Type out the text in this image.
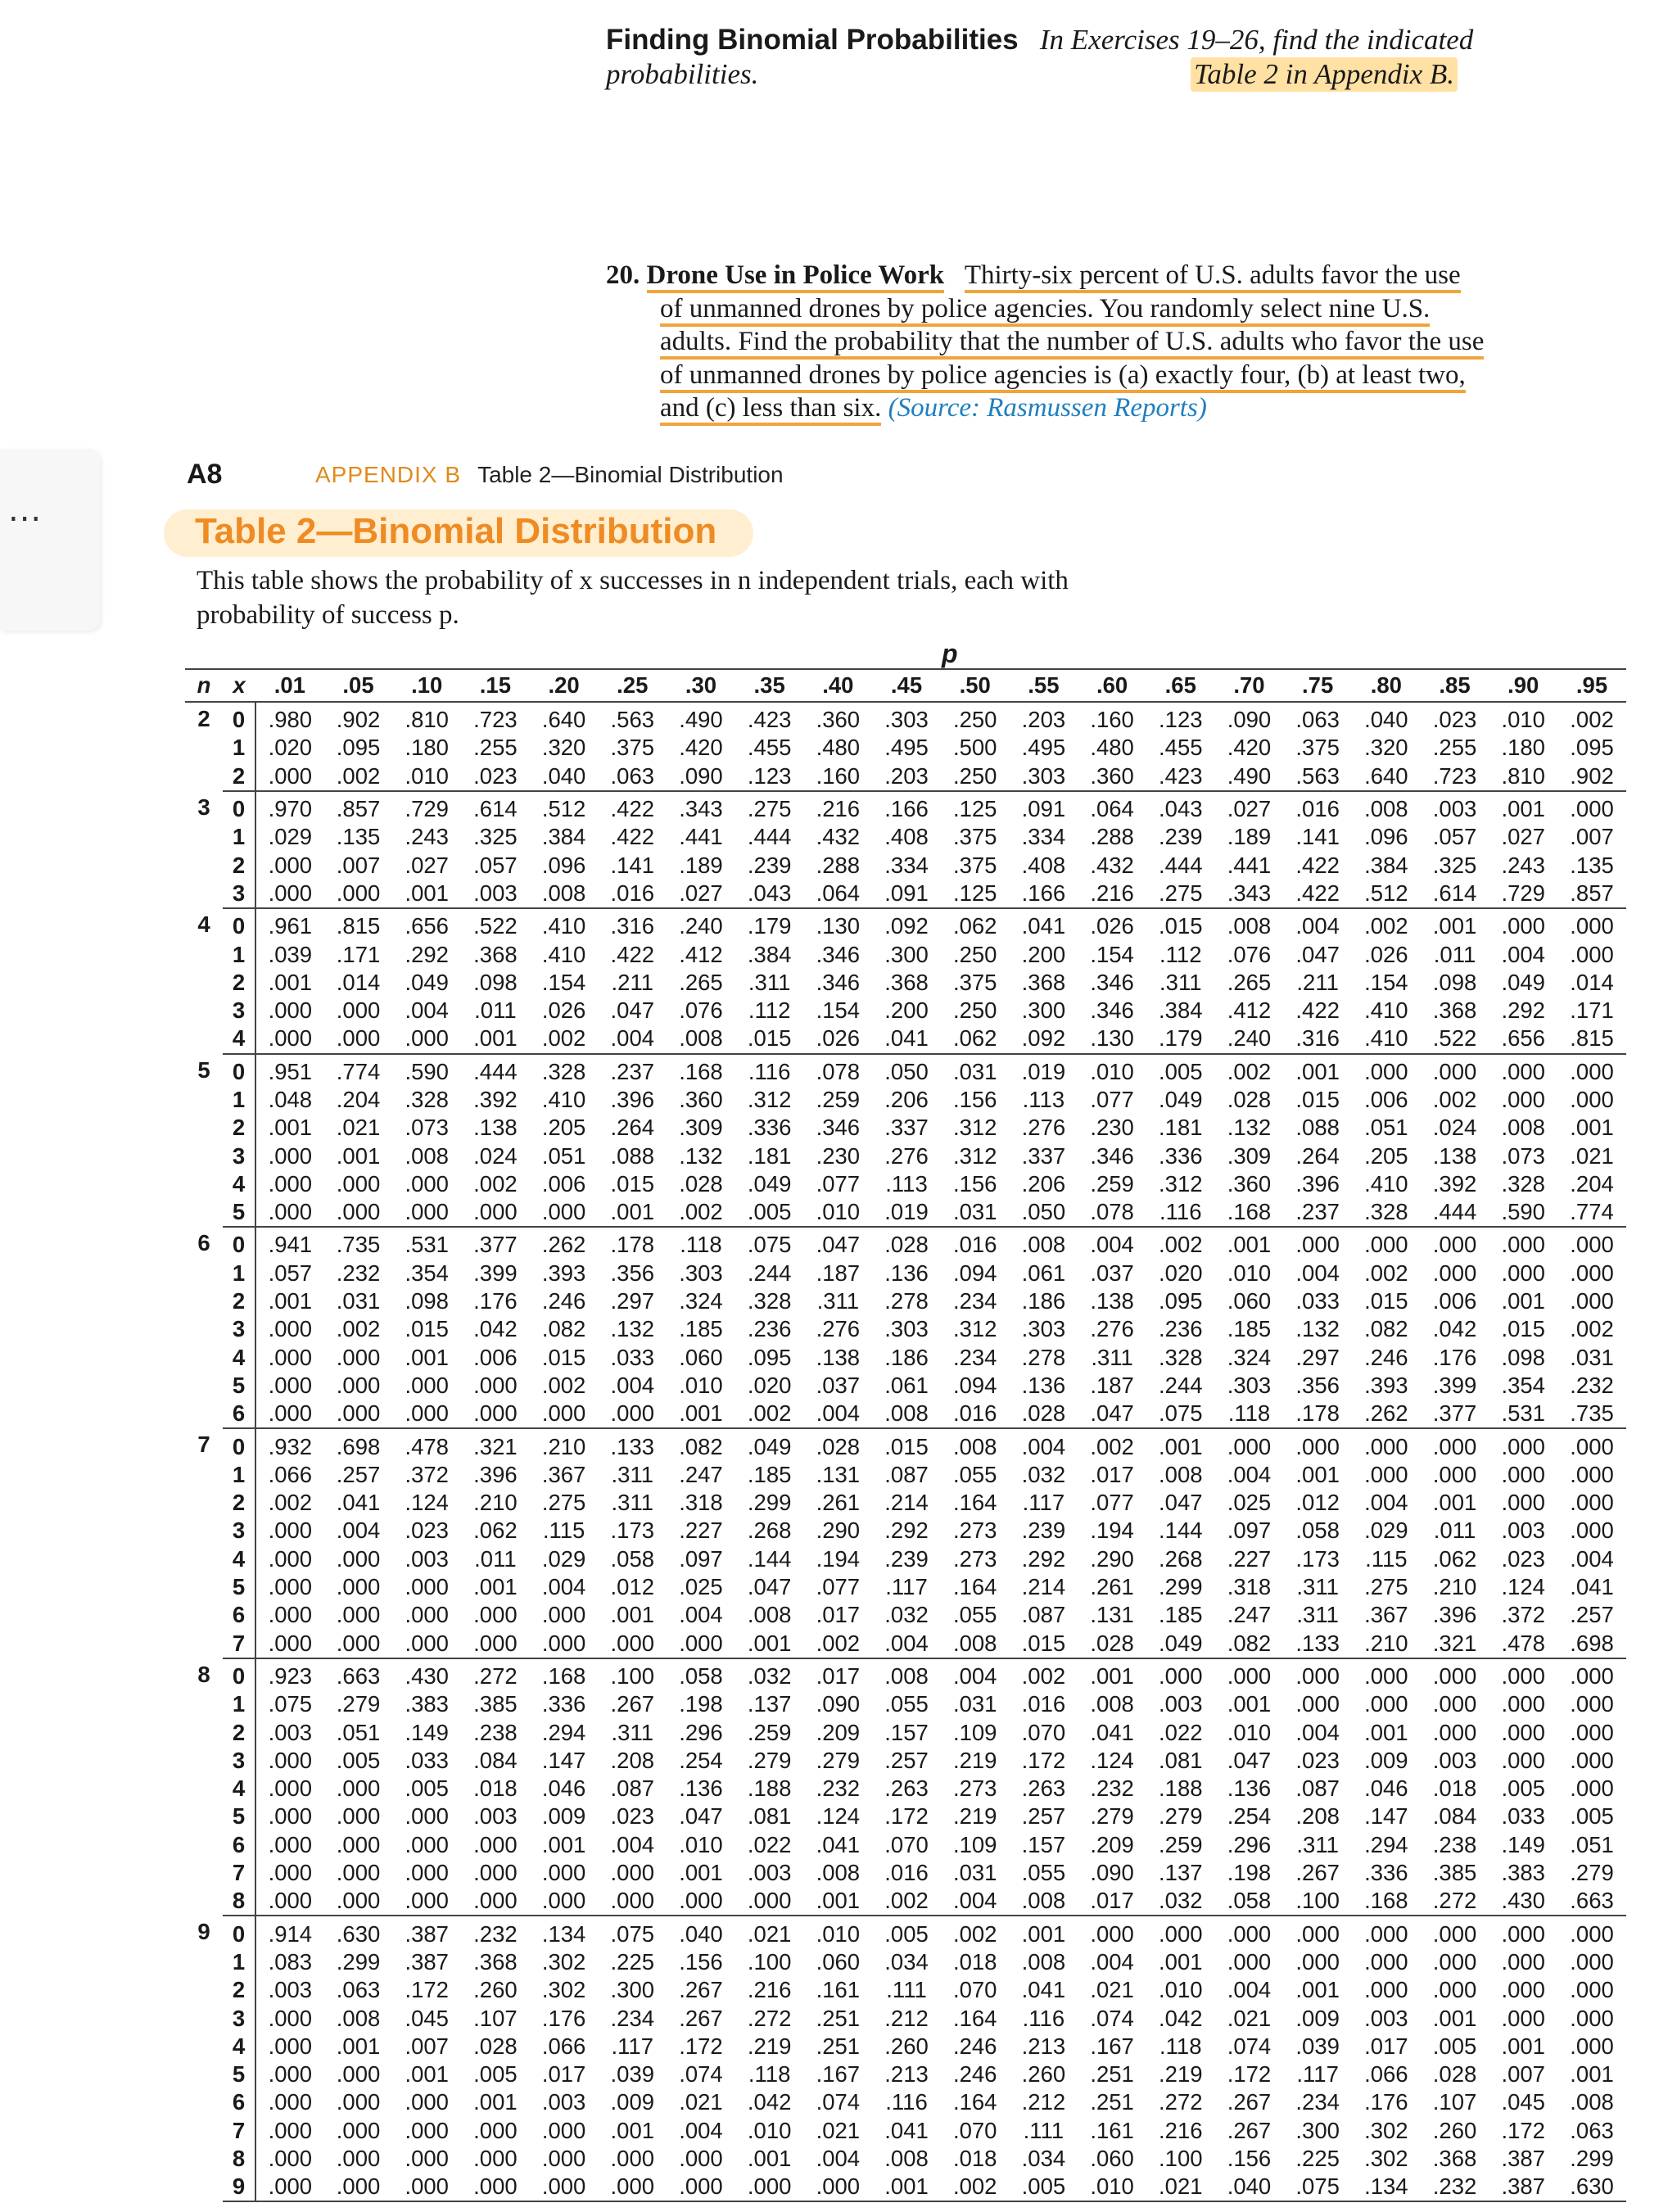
...
Finding Binomial Probabilities In Exercises 19–26, find the indicated
probabilities.	Table 2 in Appendix B.
20. Drone Use in Police Work Thirty-six percent of U.S. adults favor the use
of unmanned drones by police agencies. You randomly select nine U.S.
adults. Find the probability that the number of U.S. adults who favor the use
of unmanned drones by police agencies is (a) exactly four, (b) at least two,
and (c) less than six. (Source: Rasmussen Reports)
A8	APPENDIX B Table 2—Binomial Distribution
Table 2—Binomial Distribution
This table shows the probability of x successes in n independent trials, each with
probability of success p.
p
n	x	.01	.05	.10	.15	.20	.25	.30	.35	.40	.45	.50	.55	.60	.65	.70	.75	.80	.85	.90	.95
2	0	.980	.902	.810	.723	.640	.563	.490	.423	.360	.303	.250	.203	.160	.123	.090	.063	.040	.023	.010	.002
	1	.020	.095	.180	.255	.320	.375	.420	.455	.480	.495	.500	.495	.480	.455	.420	.375	.320	.255	.180	.095
	2	.000	.002	.010	.023	.040	.063	.090	.123	.160	.203	.250	.303	.360	.423	.490	.563	.640	.723	.810	.902
3	0	.970	.857	.729	.614	.512	.422	.343	.275	.216	.166	.125	.091	.064	.043	.027	.016	.008	.003	.001	.000
	1	.029	.135	.243	.325	.384	.422	.441	.444	.432	.408	.375	.334	.288	.239	.189	.141	.096	.057	.027	.007
	2	.000	.007	.027	.057	.096	.141	.189	.239	.288	.334	.375	.408	.432	.444	.441	.422	.384	.325	.243	.135
	3	.000	.000	.001	.003	.008	.016	.027	.043	.064	.091	.125	.166	.216	.275	.343	.422	.512	.614	.729	.857
4	0	.961	.815	.656	.522	.410	.316	.240	.179	.130	.092	.062	.041	.026	.015	.008	.004	.002	.001	.000	.000
	1	.039	.171	.292	.368	.410	.422	.412	.384	.346	.300	.250	.200	.154	.112	.076	.047	.026	.011	.004	.000
	2	.001	.014	.049	.098	.154	.211	.265	.311	.346	.368	.375	.368	.346	.311	.265	.211	.154	.098	.049	.014
	3	.000	.000	.004	.011	.026	.047	.076	.112	.154	.200	.250	.300	.346	.384	.412	.422	.410	.368	.292	.171
	4	.000	.000	.000	.001	.002	.004	.008	.015	.026	.041	.062	.092	.130	.179	.240	.316	.410	.522	.656	.815
5	0	.951	.774	.590	.444	.328	.237	.168	.116	.078	.050	.031	.019	.010	.005	.002	.001	.000	.000	.000	.000
	1	.048	.204	.328	.392	.410	.396	.360	.312	.259	.206	.156	.113	.077	.049	.028	.015	.006	.002	.000	.000
	2	.001	.021	.073	.138	.205	.264	.309	.336	.346	.337	.312	.276	.230	.181	.132	.088	.051	.024	.008	.001
	3	.000	.001	.008	.024	.051	.088	.132	.181	.230	.276	.312	.337	.346	.336	.309	.264	.205	.138	.073	.021
	4	.000	.000	.000	.002	.006	.015	.028	.049	.077	.113	.156	.206	.259	.312	.360	.396	.410	.392	.328	.204
	5	.000	.000	.000	.000	.000	.001	.002	.005	.010	.019	.031	.050	.078	.116	.168	.237	.328	.444	.590	.774
6	0	.941	.735	.531	.377	.262	.178	.118	.075	.047	.028	.016	.008	.004	.002	.001	.000	.000	.000	.000	.000
	1	.057	.232	.354	.399	.393	.356	.303	.244	.187	.136	.094	.061	.037	.020	.010	.004	.002	.000	.000	.000
	2	.001	.031	.098	.176	.246	.297	.324	.328	.311	.278	.234	.186	.138	.095	.060	.033	.015	.006	.001	.000
	3	.000	.002	.015	.042	.082	.132	.185	.236	.276	.303	.312	.303	.276	.236	.185	.132	.082	.042	.015	.002
	4	.000	.000	.001	.006	.015	.033	.060	.095	.138	.186	.234	.278	.311	.328	.324	.297	.246	.176	.098	.031
	5	.000	.000	.000	.000	.002	.004	.010	.020	.037	.061	.094	.136	.187	.244	.303	.356	.393	.399	.354	.232
	6	.000	.000	.000	.000	.000	.000	.001	.002	.004	.008	.016	.028	.047	.075	.118	.178	.262	.377	.531	.735
7	0	.932	.698	.478	.321	.210	.133	.082	.049	.028	.015	.008	.004	.002	.001	.000	.000	.000	.000	.000	.000
	1	.066	.257	.372	.396	.367	.311	.247	.185	.131	.087	.055	.032	.017	.008	.004	.001	.000	.000	.000	.000
	2	.002	.041	.124	.210	.275	.311	.318	.299	.261	.214	.164	.117	.077	.047	.025	.012	.004	.001	.000	.000
	3	.000	.004	.023	.062	.115	.173	.227	.268	.290	.292	.273	.239	.194	.144	.097	.058	.029	.011	.003	.000
	4	.000	.000	.003	.011	.029	.058	.097	.144	.194	.239	.273	.292	.290	.268	.227	.173	.115	.062	.023	.004
	5	.000	.000	.000	.001	.004	.012	.025	.047	.077	.117	.164	.214	.261	.299	.318	.311	.275	.210	.124	.041
	6	.000	.000	.000	.000	.000	.001	.004	.008	.017	.032	.055	.087	.131	.185	.247	.311	.367	.396	.372	.257
	7	.000	.000	.000	.000	.000	.000	.000	.001	.002	.004	.008	.015	.028	.049	.082	.133	.210	.321	.478	.698
8	0	.923	.663	.430	.272	.168	.100	.058	.032	.017	.008	.004	.002	.001	.000	.000	.000	.000	.000	.000	.000
	1	.075	.279	.383	.385	.336	.267	.198	.137	.090	.055	.031	.016	.008	.003	.001	.000	.000	.000	.000	.000
	2	.003	.051	.149	.238	.294	.311	.296	.259	.209	.157	.109	.070	.041	.022	.010	.004	.001	.000	.000	.000
	3	.000	.005	.033	.084	.147	.208	.254	.279	.279	.257	.219	.172	.124	.081	.047	.023	.009	.003	.000	.000
	4	.000	.000	.005	.018	.046	.087	.136	.188	.232	.263	.273	.263	.232	.188	.136	.087	.046	.018	.005	.000
	5	.000	.000	.000	.003	.009	.023	.047	.081	.124	.172	.219	.257	.279	.279	.254	.208	.147	.084	.033	.005
	6	.000	.000	.000	.000	.001	.004	.010	.022	.041	.070	.109	.157	.209	.259	.296	.311	.294	.238	.149	.051
	7	.000	.000	.000	.000	.000	.000	.001	.003	.008	.016	.031	.055	.090	.137	.198	.267	.336	.385	.383	.279
	8	.000	.000	.000	.000	.000	.000	.000	.000	.001	.002	.004	.008	.017	.032	.058	.100	.168	.272	.430	.663
9	0	.914	.630	.387	.232	.134	.075	.040	.021	.010	.005	.002	.001	.000	.000	.000	.000	.000	.000	.000	.000
	1	.083	.299	.387	.368	.302	.225	.156	.100	.060	.034	.018	.008	.004	.001	.000	.000	.000	.000	.000	.000
	2	.003	.063	.172	.260	.302	.300	.267	.216	.161	.111	.070	.041	.021	.010	.004	.001	.000	.000	.000	.000
	3	.000	.008	.045	.107	.176	.234	.267	.272	.251	.212	.164	.116	.074	.042	.021	.009	.003	.001	.000	.000
	4	.000	.001	.007	.028	.066	.117	.172	.219	.251	.260	.246	.213	.167	.118	.074	.039	.017	.005	.001	.000
	5	.000	.000	.001	.005	.017	.039	.074	.118	.167	.213	.246	.260	.251	.219	.172	.117	.066	.028	.007	.001
	6	.000	.000	.000	.001	.003	.009	.021	.042	.074	.116	.164	.212	.251	.272	.267	.234	.176	.107	.045	.008
	7	.000	.000	.000	.000	.000	.001	.004	.010	.021	.041	.070	.111	.161	.216	.267	.300	.302	.260	.172	.063
	8	.000	.000	.000	.000	.000	.000	.000	.001	.004	.008	.018	.034	.060	.100	.156	.225	.302	.368	.387	.299
	9	.000	.000	.000	.000	.000	.000	.000	.000	.000	.001	.002	.005	.010	.021	.040	.075	.134	.232	.387	.630
